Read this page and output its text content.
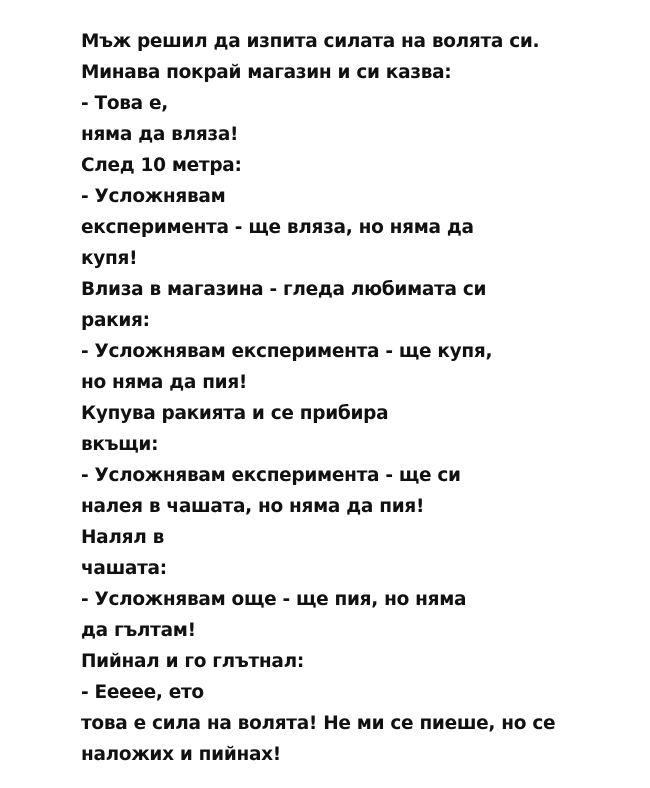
Мъж решил да изпита силата на волята си.
Минава покрай магазин и си казва:
- Това е,
няма да вляза!
След 10 метра:
- Усложнявам
експеримента - ще вляза, но няма да
купя!
Влиза в магазина - гледа любимата си
ракия:
- Усложнявам експеримента - ще купя,
но няма да пия!
Купува ракията и се прибира
вкъщи:
- Усложнявам експеримента - ще си
налея в чашата, но няма да пия!
Налял в
чашата:
- Усложнявам още - ще пия, но няма
да гълтам!
Пийнал и го глътнал:
- Ееееe, ето
това е сила на волята! Не ми се пиеше, но се
наложих и пийнах!
